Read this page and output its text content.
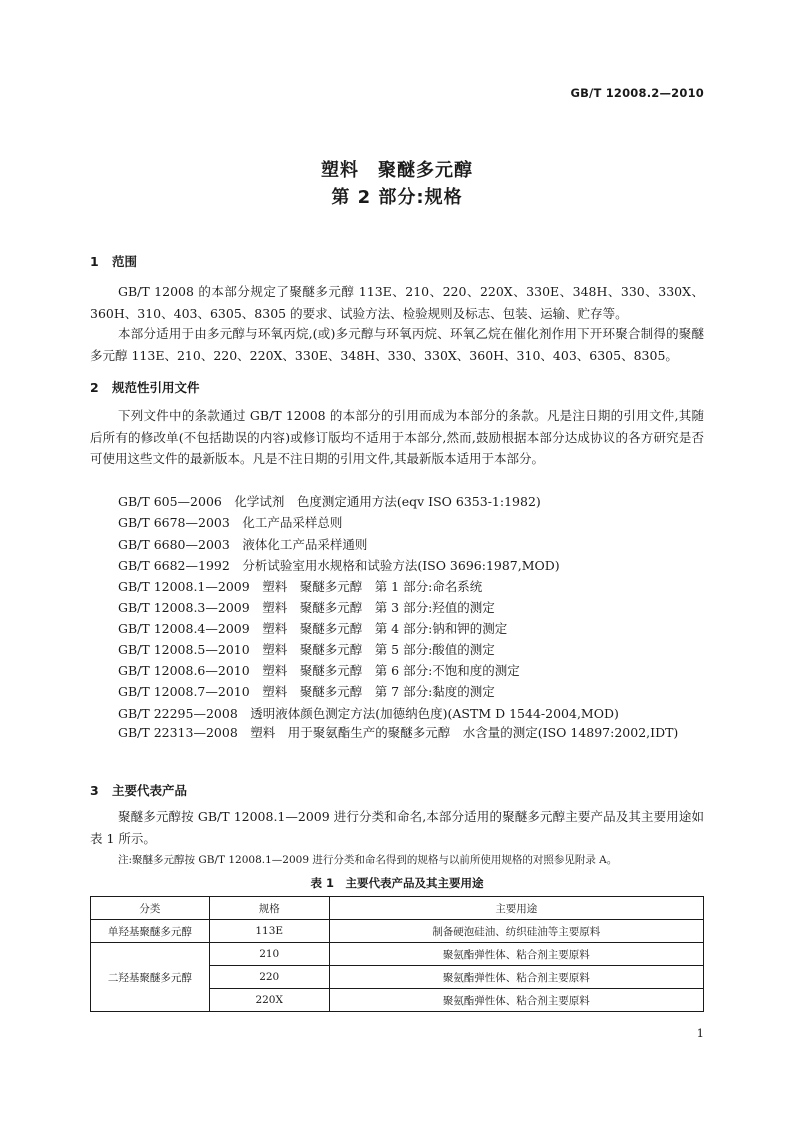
GB/T 12008.2—2010
塑料　聚醚多元醇
第 2 部分:规格
1 范围

GB/T 12008 的本部分规定了聚醚多元醇 113E、210、220、220X、330E、348H、330、330X、360H、310、403、6305、8305 的要求、试验方法、检验规则及标志、包装、运输、贮存等。

本部分适用于由多元醇与环氧丙烷,(或)多元醇与环氧丙烷、环氧乙烷在催化剂作用下开环聚合制得的聚醚多元醇 113E、210、220、220X、330E、348H、330、330X、360H、310、403、6305、8305。

2 规范性引用文件

下列文件中的条款通过 GB/T 12008 的本部分的引用而成为本部分的条款。凡是注日期的引用文件,其随后所有的修改单(不包括勘误的内容)或修订版均不适用于本部分,然而,鼓励根据本部分达成协议的各方研究是否可使用这些文件的最新版本。凡是不注日期的引用文件,其最新版本适用于本部分。

GB/T 605—2006　化学试剂　色度测定通用方法(eqv ISO 6353-1:1982)
GB/T 6678—2003　化工产品采样总则
GB/T 6680—2003　液体化工产品采样通则
GB/T 6682—1992　分析试验室用水规格和试验方法(ISO 3696:1987,MOD)
GB/T 12008.1—2009　塑料　聚醚多元醇　第 1 部分:命名系统
GB/T 12008.3—2009　塑料　聚醚多元醇　第 3 部分:羟值的测定
GB/T 12008.4—2009　塑料　聚醚多元醇　第 4 部分:钠和钾的测定
GB/T 12008.5—2010　塑料　聚醚多元醇　第 5 部分:酸值的测定
GB/T 12008.6—2010　塑料　聚醚多元醇　第 6 部分:不饱和度的测定
GB/T 12008.7—2010　塑料　聚醚多元醇　第 7 部分:黏度的测定
GB/T 22295—2008　透明液体颜色测定方法(加德纳色度)(ASTM D 1544-2004,MOD)

GB/T 22313—2008　塑料　用于聚氨酯生产的聚醚多元醇　水含量的测定(ISO 14897:2002,IDT)

3 主要代表产品

聚醚多元醇按 GB/T 12008.1—2009 进行分类和命名,本部分适用的聚醚多元醇主要产品及其主要用途如表 1 所示。

注:聚醚多元醇按 GB/T 12008.1—2009 进行分类和命名得到的规格与以前所使用规格的对照参见附录 A。
表 1　主要代表产品及其主要用途
分类	规格	主要用途
单羟基聚醚多元醇	113E	制备硬泡硅油、纺织硅油等主要原料
二羟基聚醚多元醇	210	聚氨酯弹性体、粘合剂主要原料
	220	聚氨酯弹性体、粘合剂主要原料
	220X	聚氨酯弹性体、粘合剂主要原料
1
